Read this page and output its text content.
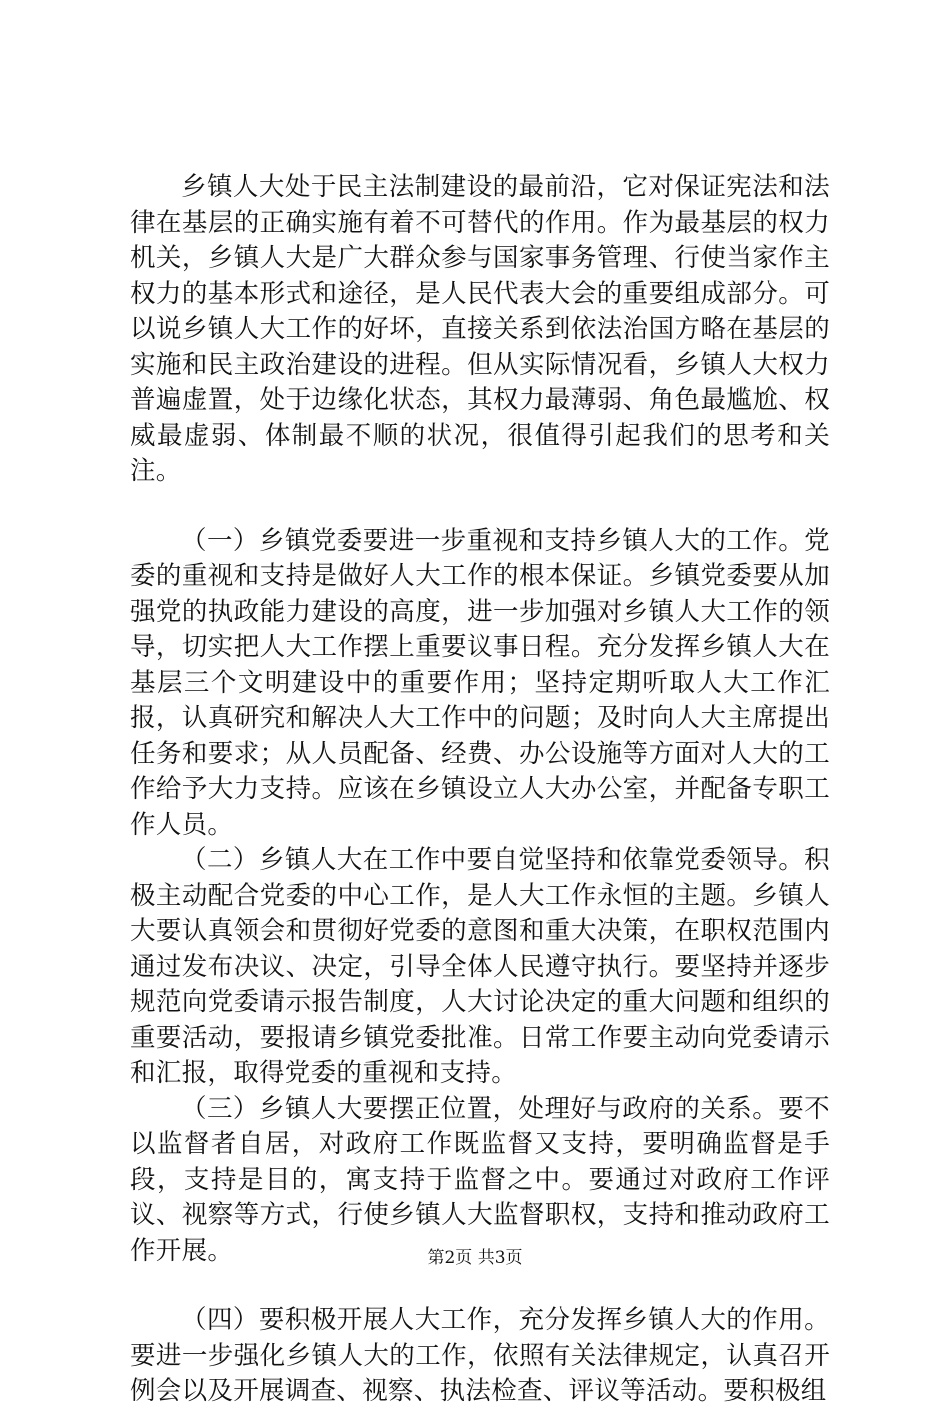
乡镇人大处于民主法制建设的最前沿，它对保证宪法和法律在基层的正确实施有着不可替代的作用。作为最基层的权力机关，乡镇人大是广大群众参与国家事务管理、行使当家作主权力的基本形式和途径，是人民代表大会的重要组成部分。可以说乡镇人大工作的好坏，直接关系到依法治国方略在基层的实施和民主政治建设的进程。但从实际情况看，乡镇人大权力普遍虚置，处于边缘化状态，其权力最薄弱、角色最尴尬、权威最虚弱、体制最不顺的状况，很值得引起我们的思考和关注。

（一）乡镇党委要进一步重视和支持乡镇人大的工作。党委的重视和支持是做好人大工作的根本保证。乡镇党委要从加强党的执政能力建设的高度，进一步加强对乡镇人大工作的领导，切实把人大工作摆上重要议事日程。充分发挥乡镇人大在基层三个文明建设中的重要作用；坚持定期听取人大工作汇报，认真研究和解决人大工作中的问题；及时向人大主席提出任务和要求；从人员配备、经费、办公设施等方面对人大的工作给予大力支持。应该在乡镇设立人大办公室，并配备专职工作人员。

（二）乡镇人大在工作中要自觉坚持和依靠党委领导。积极主动配合党委的中心工作，是人大工作永恒的主题。乡镇人大要认真领会和贯彻好党委的意图和重大决策，在职权范围内通过发布决议、决定，引导全体人民遵守执行。要坚持并逐步规范向党委请示报告制度，人大讨论决定的重大问题和组织的重要活动，要报请乡镇党委批准。日常工作要主动向党委请示和汇报，取得党委的重视和支持。

（三）乡镇人大要摆正位置，处理好与政府的关系。要不以监督者自居，对政府工作既监督又支持，要明确监督是手段，支持是目的，寓支持于监督之中。要通过对政府工作评议、视察等方式，行使乡镇人大监督职权，支持和推动政府工作开展。

（四）要积极开展人大工作，充分发挥乡镇人大的作用。要进一步强化乡镇人大的工作，依照有关法律规定，认真召开例会以及开展调查、视察、执法检查、评议等活动。要积极组

第2页 共3页
